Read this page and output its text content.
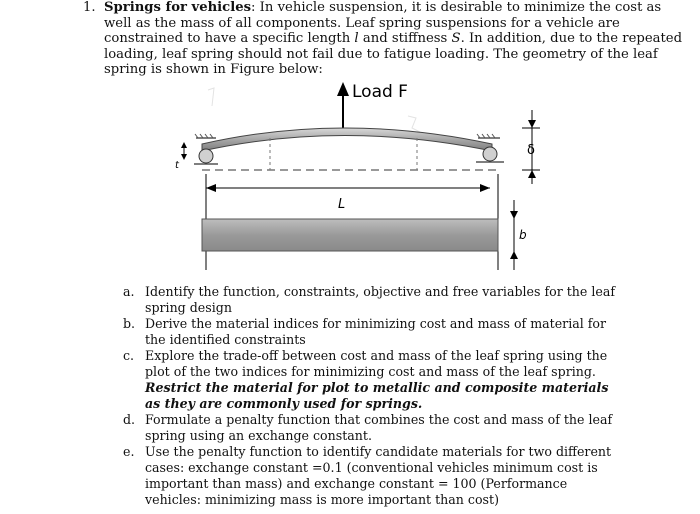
1. Springs for vehicles: In vehicle suspension, it is desirable to minimize the cost as well as the mass of all components. Leaf spring suspensions for a vehicle are constrained to have a specific length l and stiffness S. In addition, due to the repeated loading, leaf spring should not fail due to fatigue loading. The geometry of the leaf spring is shown in Figure below:
Load F
t
δ
L
b
a. Identify the function, constraints, objective and free variables for the leaf spring design
b. Derive the material indices for minimizing cost and mass of material for the identified constraints
c. Explore the trade-off between cost and mass of the leaf spring using the plot of the two indices for minimizing cost and mass of the leaf spring. Restrict the material for plot to metallic and composite materials as they are commonly used for springs.
d. Formulate a penalty function that combines the cost and mass of the leaf spring using an exchange constant.
e. Use the penalty function to identify candidate materials for two different cases: exchange constant =0.1 (conventional vehicles minimum cost is important than mass) and exchange constant = 100 (Performance vehicles: minimizing mass is more important than cost)
